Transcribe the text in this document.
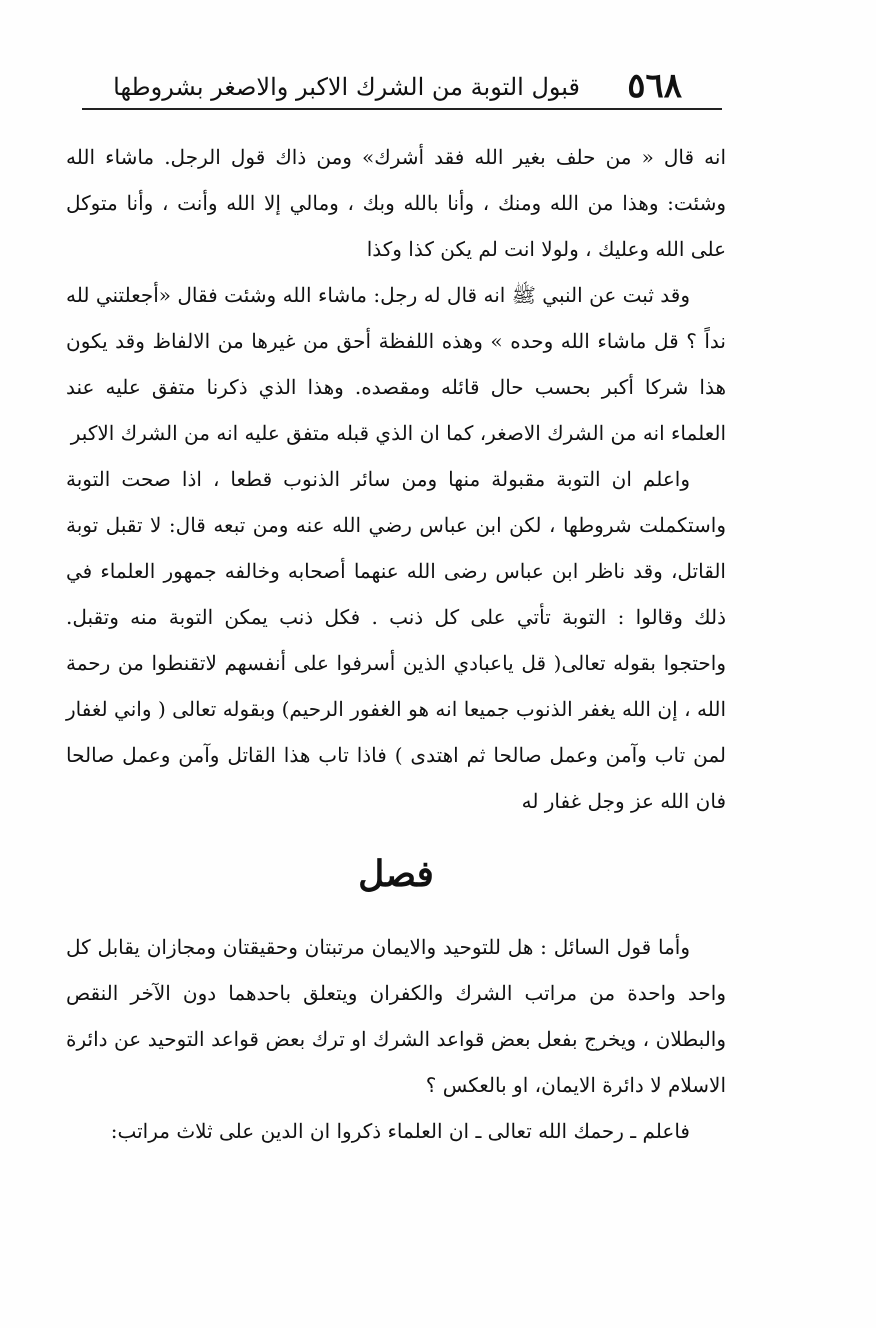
٥٦٨
قبول التوبة من الشرك الاكبر والاصغر بشروطها

انه قال « من حلف بغير الله فقد أشرك» ومن ذاك قول الرجل. ماشاء الله وشئت: وهذا من الله ومنك ، وأنا بالله وبك ، ومالي إلا الله وأنت ، وأنا متوكل على الله وعليك ، ولولا انت لم يكن كذا وكذا

وقد ثبت عن النبي ﷺ انه قال له رجل: ماشاء الله وشئت فقال «أجعلتني لله نداً ؟ قل ماشاء الله وحده » وهذه اللفظة أحق من غيرها من الالفاظ وقد يكون هذا شركا أكبر بحسب حال قائله ومقصده. وهذا الذي ذكرنا متفق عليه عند العلماء انه من الشرك الاصغر، كما ان الذي قبله متفق عليه انه من الشرك الاكبر

واعلم ان التوبة مقبولة منها ومن سائر الذنوب قطعا ، اذا صحت التوبة واستكملت شروطها ، لكن ابن عباس رضي الله عنه ومن تبعه قال: لا تقبل توبة القاتل، وقد ناظر ابن عباس رضى الله عنهما أصحابه وخالفه جمهور العلماء في ذلك وقالوا : التوبة تأتي على كل ذنب . فكل ذنب يمكن التوبة منه وتقبل. واحتجوا بقوله تعالى( قل ياعبادي الذين أسرفوا على أنفسهم لاتقنطوا من رحمة الله ، إن الله يغفر الذنوب جميعا انه هو الغفور الرحيم) وبقوله تعالى ( واني لغفار لمن تاب وآمن وعمل صالحا ثم اهتدى ) فاذا تاب هذا القاتل وآمن وعمل صالحا فان الله عز وجل غفار له

فصل

وأما قول السائل : هل للتوحيد والايمان مرتبتان وحقيقتان ومجازان يقابل كل واحد واحدة من مراتب الشرك والكفران ويتعلق باحدهما دون الآخر النقص والبطلان ، ويخرج بفعل بعض قواعد الشرك او ترك بعض قواعد التوحيد عن دائرة الاسلام لا دائرة الايمان، او بالعكس ؟

فاعلم ـ رحمك الله تعالى ـ ان العلماء ذكروا ان الدين على ثلاث مراتب:
